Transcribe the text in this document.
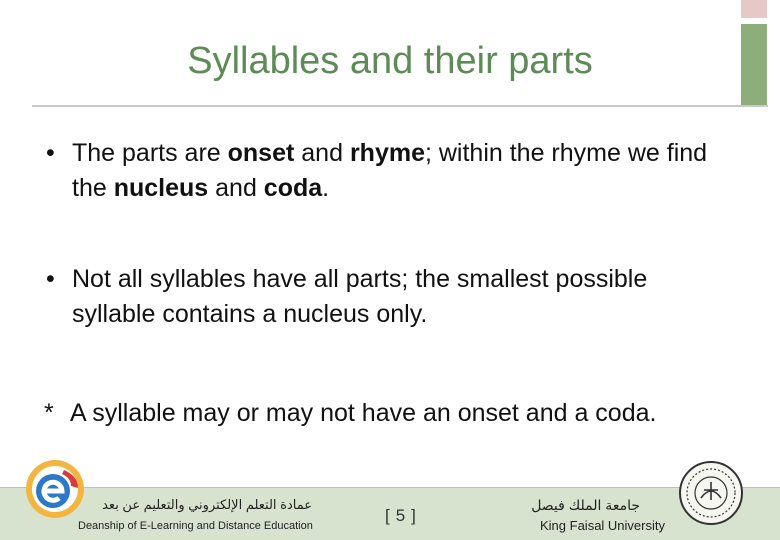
Syllables and their parts
• The parts are onset and rhyme; within the rhyme we find the nucleus and coda.
• Not all syllables have all parts; the smallest possible syllable contains a nucleus only.
* A syllable may or may not have an onset and a coda.
عمادة التعلم الإلكتروني والتعليم عن بعد
Deanship of E-Learning and Distance Education
[5]
جامعة الملك فيصل
King Faisal University
